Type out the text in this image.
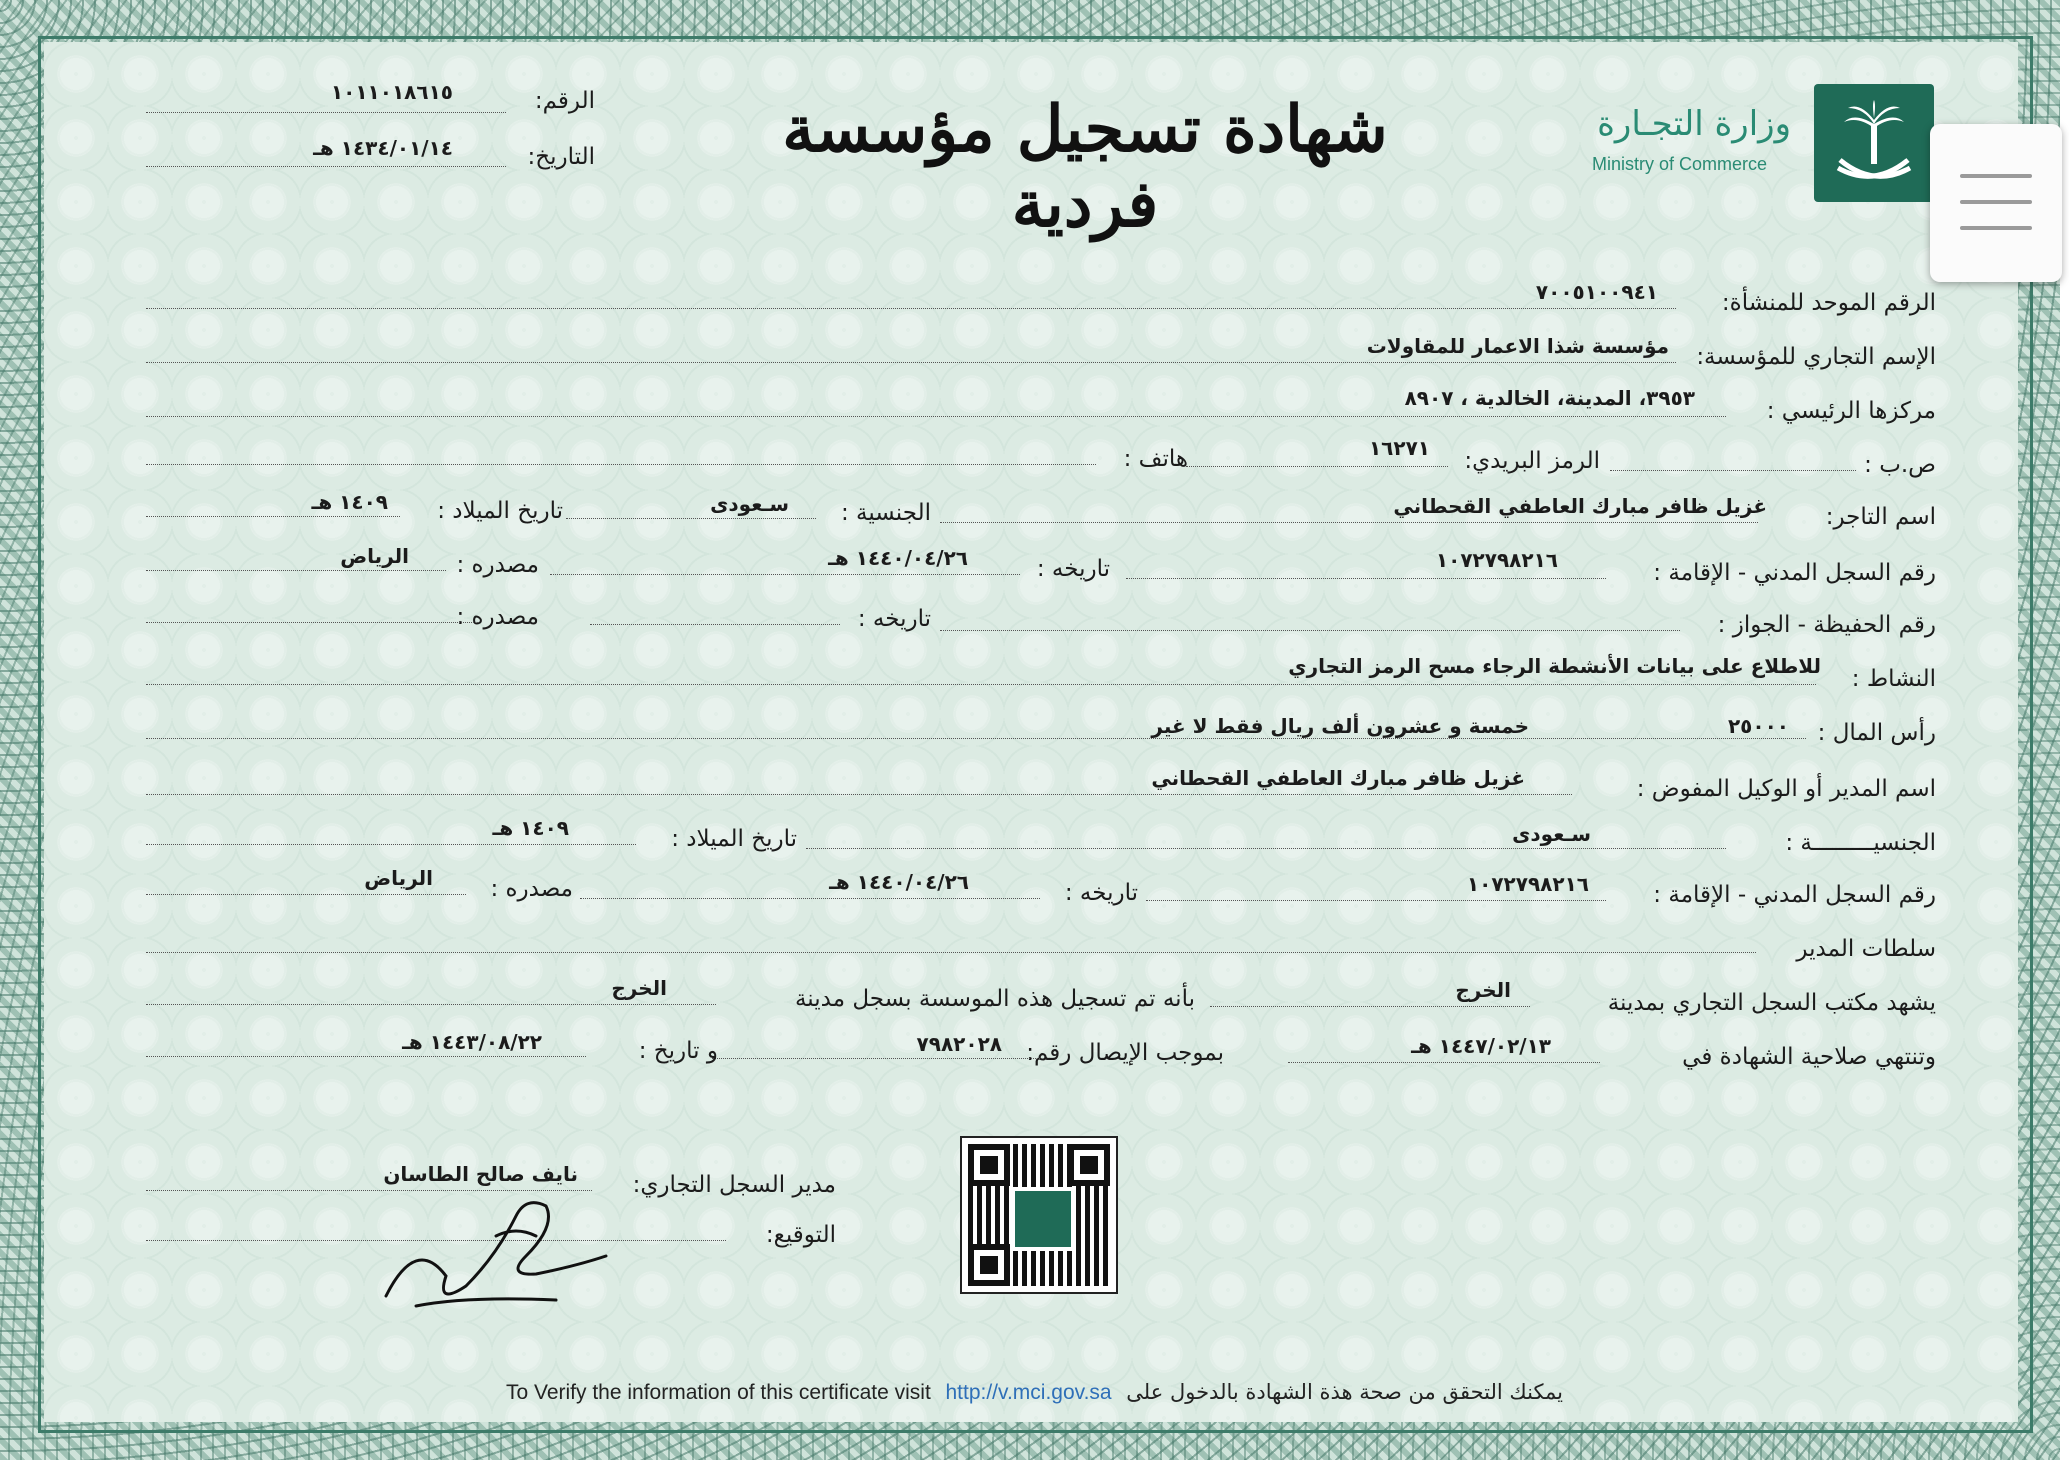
وزارة التجـارة
Ministry of Commerce
شهادة تسجيل مؤسسة فردية
الرقم:
١٠١١٠١٨٦١٥
التاريخ:
١٤٣٤/٠١/١٤ هـ
الرقم الموحد للمنشأة:
٧٠٠٥١٠٠٩٤١
الإسم التجاري للمؤسسة:
مؤسسة شذا الاعمار للمقاولات
مركزها الرئيسي :
٣٩٥٣، المدينة، الخالدية ، ٨٩٠٧
ص.ب :
الرمز البريدي:
١٦٢٧١
هاتف :
اسم التاجر:
غزيل ظافر مبارك العاطفي القحطاني
الجنسية :
سـعودى
تاريخ الميلاد :
١٤٠٩ هـ
رقم السجل المدني - الإقامة :
١٠٧٢٧٩٨٢١٦
تاريخه :
١٤٤٠/٠٤/٢٦ هـ
مصدره :
الرياض
رقم الحفيظة - الجواز :
تاريخه :
مصدره :
النشاط :
للاطلاع على بيانات الأنشطة الرجاء مسح الرمز التجاري
رأس المال :
٢٥٠٠٠
خمسة و عشرون ألف ريال فقط لا غير
اسم المدير أو الوكيل المفوض :
غزيل ظافر مبارك العاطفي القحطاني
الجنسيـــــــــة :
سـعودى
تاريخ الميلاد :
١٤٠٩ هـ
رقم السجل المدني - الإقامة :
١٠٧٢٧٩٨٢١٦
تاريخه :
١٤٤٠/٠٤/٢٦ هـ
مصدره :
الرياض
سلطات المدير
يشهد مكتب السجل التجاري بمدينة
الخرج
بأنه تم تسجيل هذه الموسسة بسجل مدينة
الخرج
وتنتهي صلاحية الشهادة في
١٤٤٧/٠٢/١٣ هـ
بموجب الإيصال رقم:
٧٩٨٢٠٢٨
و تاريخ :
١٤٤٣/٠٨/٢٢ هـ
مدير السجل التجاري:
نايف صالح الطاسان
التوقيع:
To Verify the information of this certificate visit http://v.mci.gov.sa يمكنك التحقق من صحة هذة الشهادة بالدخول على
